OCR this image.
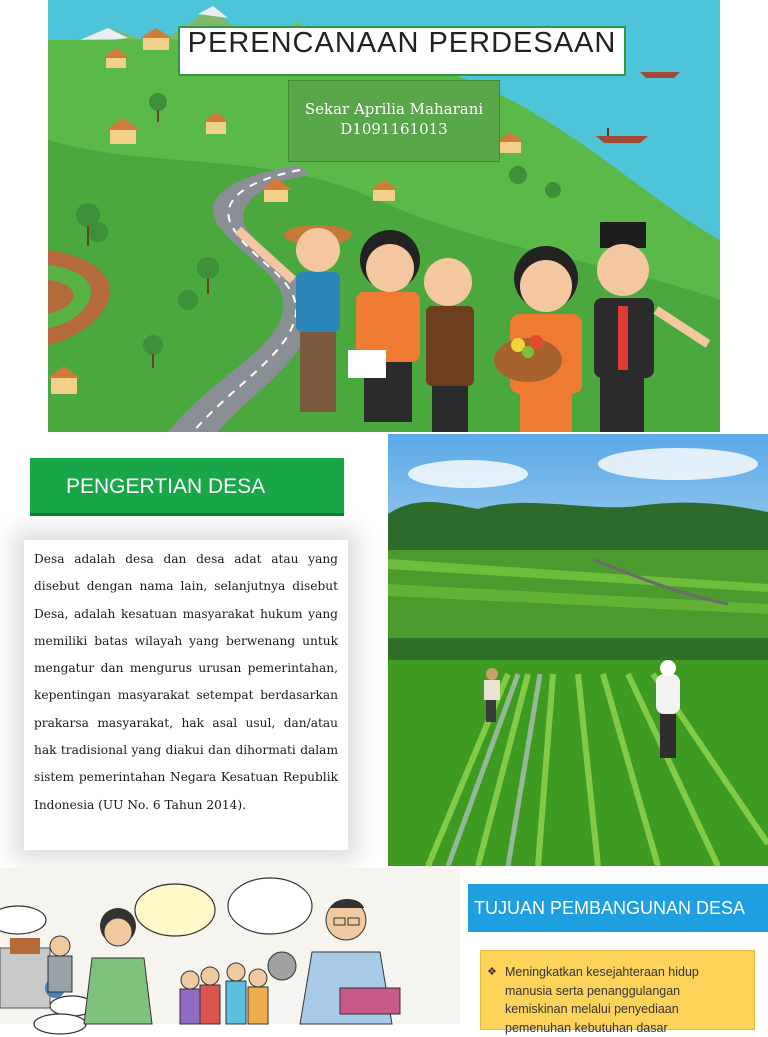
PERENCANAAN PERDESAAN
Sekar Aprilia Maharani
D1091161013
PENGERTIAN DESA

Desa adalah desa dan desa adat atau yang disebut dengan nama lain, selanjutnya disebut Desa, adalah kesatuan masyarakat hukum yang memiliki batas wilayah yang berwenang untuk mengatur dan mengurus urusan pemerintahan, kepentingan masyarakat setempat berdasarkan prakarsa masyarakat, hak asal usul, dan/atau hak tradisional yang diakui dan dihormati dalam sistem pemerintahan Negara Kesatuan Republik Indonesia (UU No. 6 Tahun 2014).

TUJUAN PEMBANGUNAN DESA
❖ Meningkatkan kesejahteraan hidup manusia serta penanggulangan kemiskinan melalui penyediaan pemenuhan kebutuhan dasar
